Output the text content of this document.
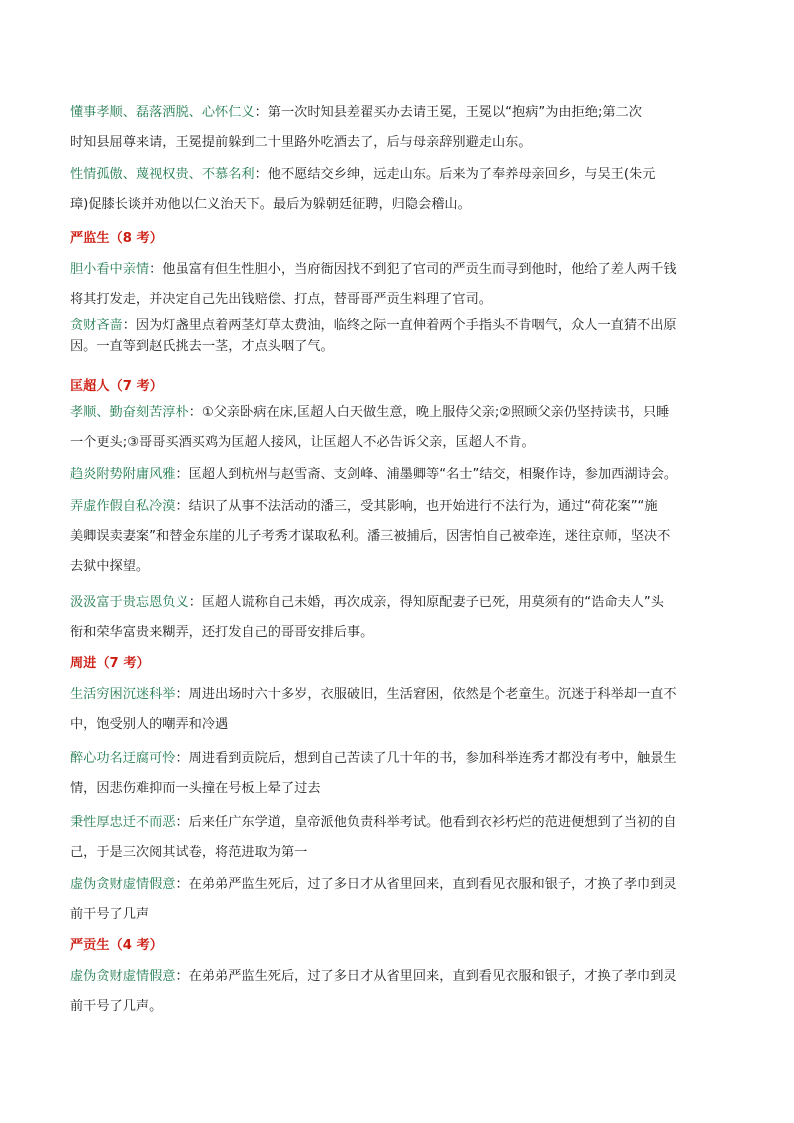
懂事孝顺、磊落洒脱、心怀仁义：第一次时知县差翟买办去请王冕，王冕以“抱病”为由拒绝;第二次
时知县屈尊来请，王冕提前躲到二十里路外吃酒去了，后与母亲辞别避走山东。
性情孤傲、蔑视权贵、不慕名利：他不愿结交乡绅，远走山东。后来为了奉养母亲回乡，与吴王(朱元
璋)促膝长谈并劝他以仁义治天下。最后为躲朝廷征聘，归隐会稽山。
严监生（8 考）
胆小看中亲情：他虽富有但生性胆小，当府衙因找不到犯了官司的严贡生而寻到他时，他给了差人两千钱
将其打发走，并决定自己先出钱赔偿、打点，替哥哥严贡生料理了官司。
贪财吝啬：因为灯盏里点着两茎灯草太费油，临终之际一直伸着两个手指头不肯咽气，众人一直猜不出原
因。一直等到赵氏挑去一茎，才点头咽了气。
匡超人（7 考）
孝顺、勤奋刻苦淳朴：①父亲卧病在床,匡超人白天做生意，晚上服侍父亲;②照顾父亲仍坚持读书，只睡
一个更头;③哥哥买酒买鸡为匡超人接风，让匡超人不必告诉父亲，匡超人不肯。
趋炎附势附庸风雅：匡超人到杭州与赵雪斋、支剑峰、浦墨卿等“名士”结交，相聚作诗，参加西湖诗会。
弄虚作假自私冷漠：结识了从事不法活动的潘三，受其影响，也开始进行不法行为，通过“荷花案”“施
美卿误卖妻案”和替金东崖的儿子考秀才谋取私利。潘三被捕后，因害怕自己被牵连，迷往京师，坚决不
去狱中探望。
汲汲富于贵忘恩负义：匡超人谎称自己未婚，再次成亲，得知原配妻子已死，用莫须有的“诰命夫人”头
衔和荣华富贵来糊弄，还打发自己的哥哥安排后事。
周进（7 考）
生活穷困沉迷科举：周进出场时六十多岁，衣服破旧，生活窘困，依然是个老童生。沉迷于科举却一直不
中，饱受别人的嘲弄和冷遇
醉心功名迂腐可怜：周进看到贡院后，想到自己苦读了几十年的书，参加科举连秀才都没有考中，触景生
情，因悲伤难抑而一头撞在号板上晕了过去
秉性厚忠迁不而恶：后来任广东学道，皇帝派他负责科举考试。他看到衣衫朽烂的范进便想到了当初的自
己，于是三次阅其试卷，将范进取为第一
虚伪贪财虚情假意：在弟弟严监生死后，过了多日才从省里回来，直到看见衣服和银子，才换了孝巾到灵
前干号了几声
严贡生（4 考）
虚伪贪财虚情假意：在弟弟严监生死后，过了多日才从省里回来，直到看见衣服和银子，才换了孝巾到灵
前干号了几声。
